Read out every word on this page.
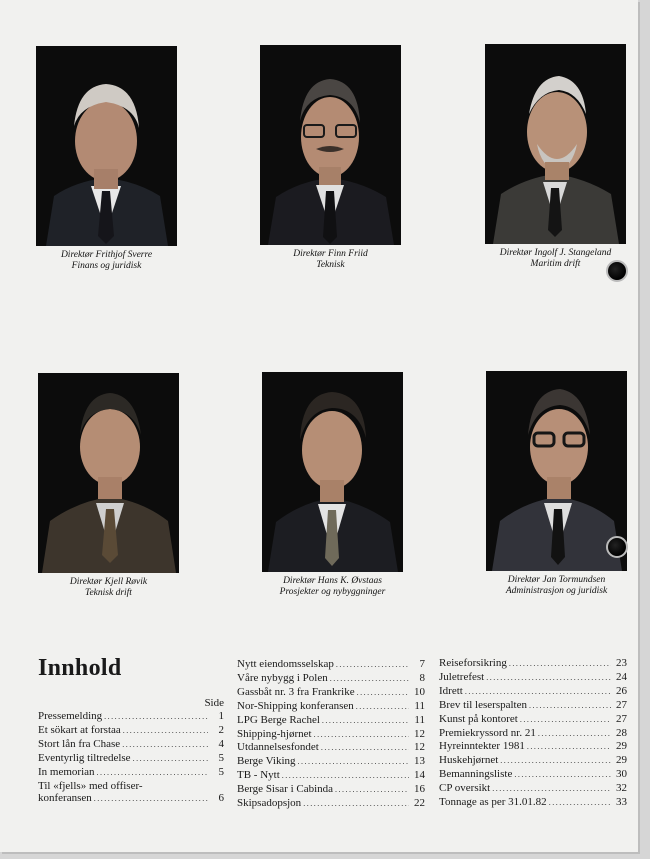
Direktør Frithjof Sverre
Finans og juridisk
Direktør Finn Friid
Teknisk
Direktør Ingolf J. Stangeland
Maritim drift
Direktør Kjell Røvik
Teknisk drift
Direktør Hans K. Øvstaas
Prosjekter og nybyggninger
Direktør Jan Tormundsen
Administrasjon og juridisk
Innhold
Side
Pressemelding .....	1
Et sökart at forstaa .....	2
Stort lån fra Chase .....	4
Eventyrlig tiltredelse .....	5
In memorian .....	5
Til «fjells» med offiser-
konferansen .....	6
Nytt eiendomsselskap .....	7
Våre nybygg i Polen .....	8
Gassbåt nr. 3 fra Frankrike .....	10
Nor-Shipping konferansen .....	11
LPG Berge Rachel .....	11
Shipping-hjørnet .....	12
Utdannelsesfondet .....	12
Berge Viking .....	13
TB - Nytt .....	14
Berge Sisar i Cabinda .....	16
Skipsadopsjon .....	22
Reiseforsikring .....	23
Juletrefest .....	24
Idrett .....	26
Brev til leserspalten .....	27
Kunst på kontoret .....	27
Premiekryssord nr. 21 .....	28
Hyreinntekter 1981 .....	29
Huskehjørnet .....	29
Bemanningsliste .....	30
CP oversikt .....	32
Tonnage as per 31.01.82 .....	33
